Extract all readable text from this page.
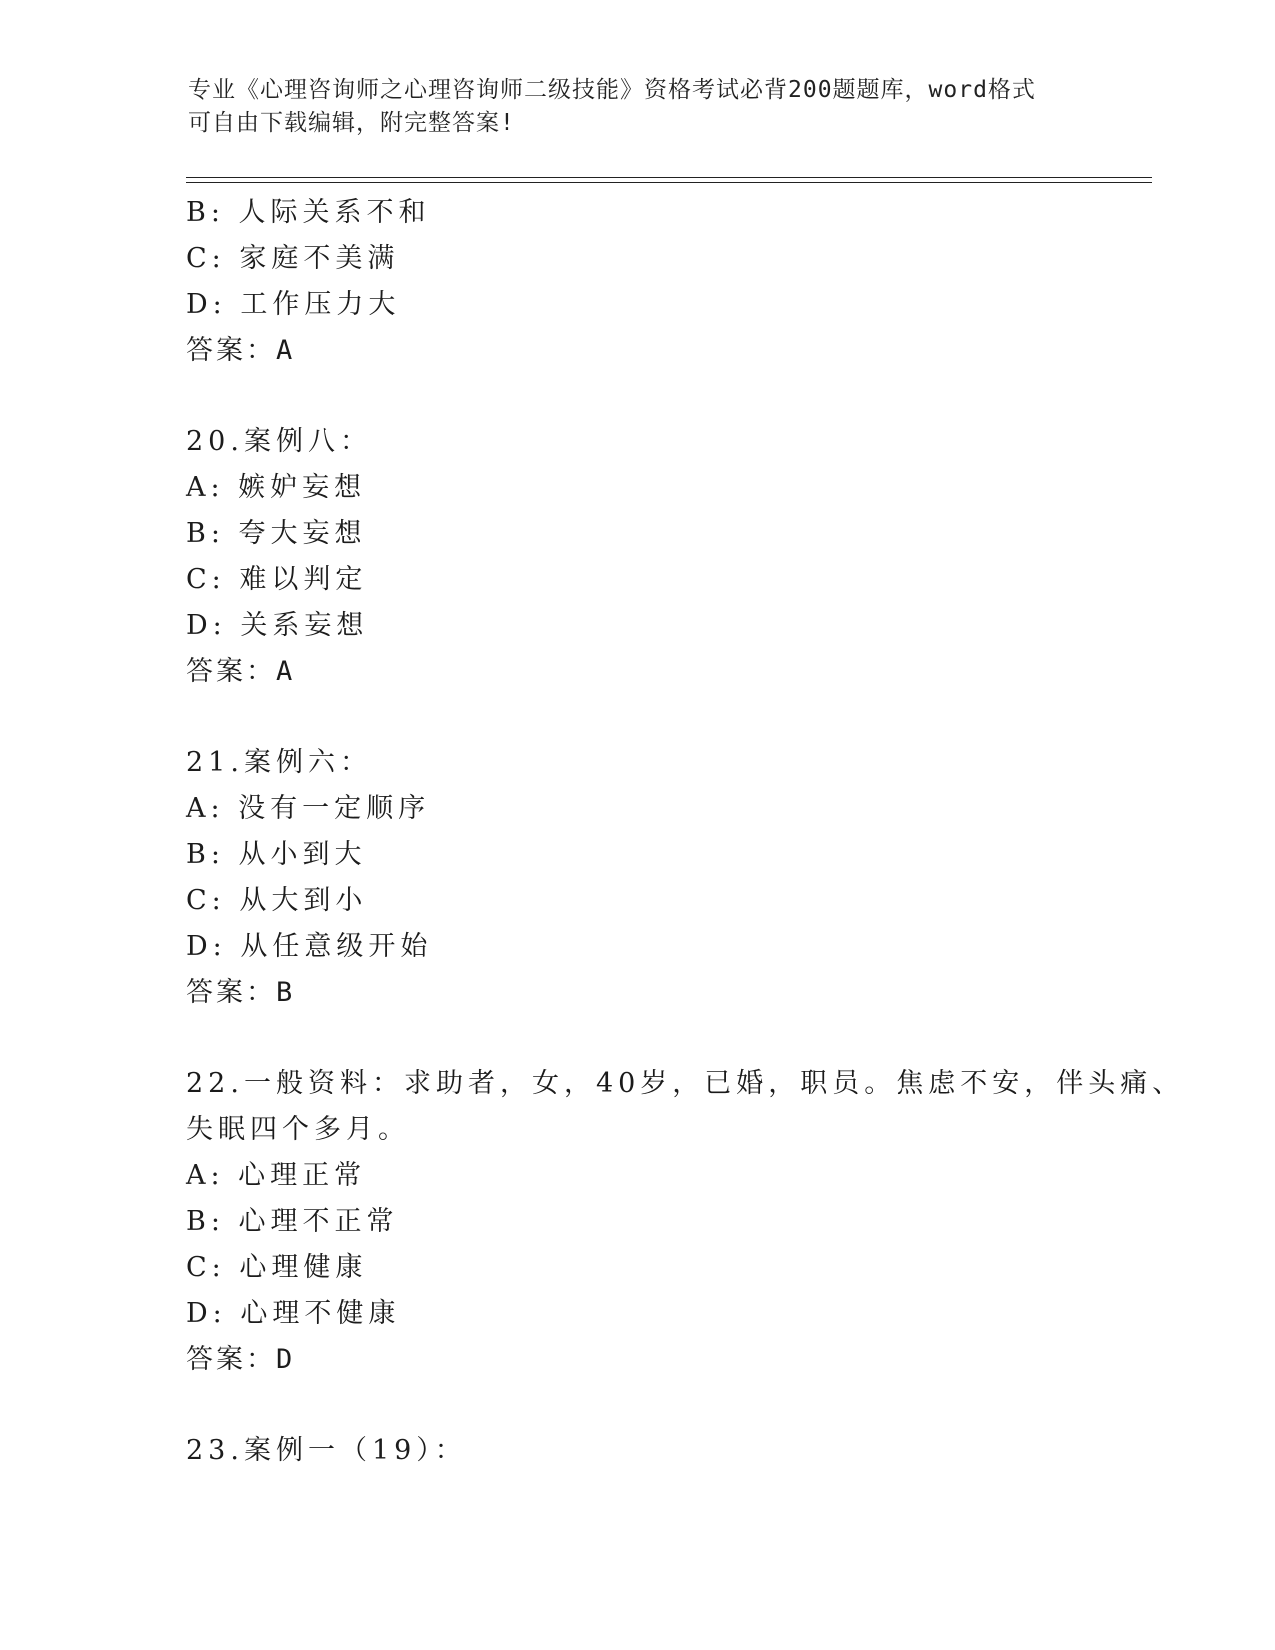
专业《心理咨询师之心理咨询师二级技能》资格考试必背200题题库，word格式
可自由下载编辑，附完整答案!
B: 人际关系不和
C: 家庭不美满
D: 工作压力大
答案：A
20.案例八：
A: 嫉妒妄想
B: 夸大妄想
C: 难以判定
D: 关系妄想
答案：A
21.案例六：
A: 没有一定顺序
B: 从小到大
C: 从大到小
D: 从任意级开始
答案：B
22.一般资料：求助者，女，40岁，已婚，职员。焦虑不安，伴头痛、
失眠四个多月。
A: 心理正常
B: 心理不正常
C: 心理健康
D: 心理不健康
答案：D
23.案例一（19）：
